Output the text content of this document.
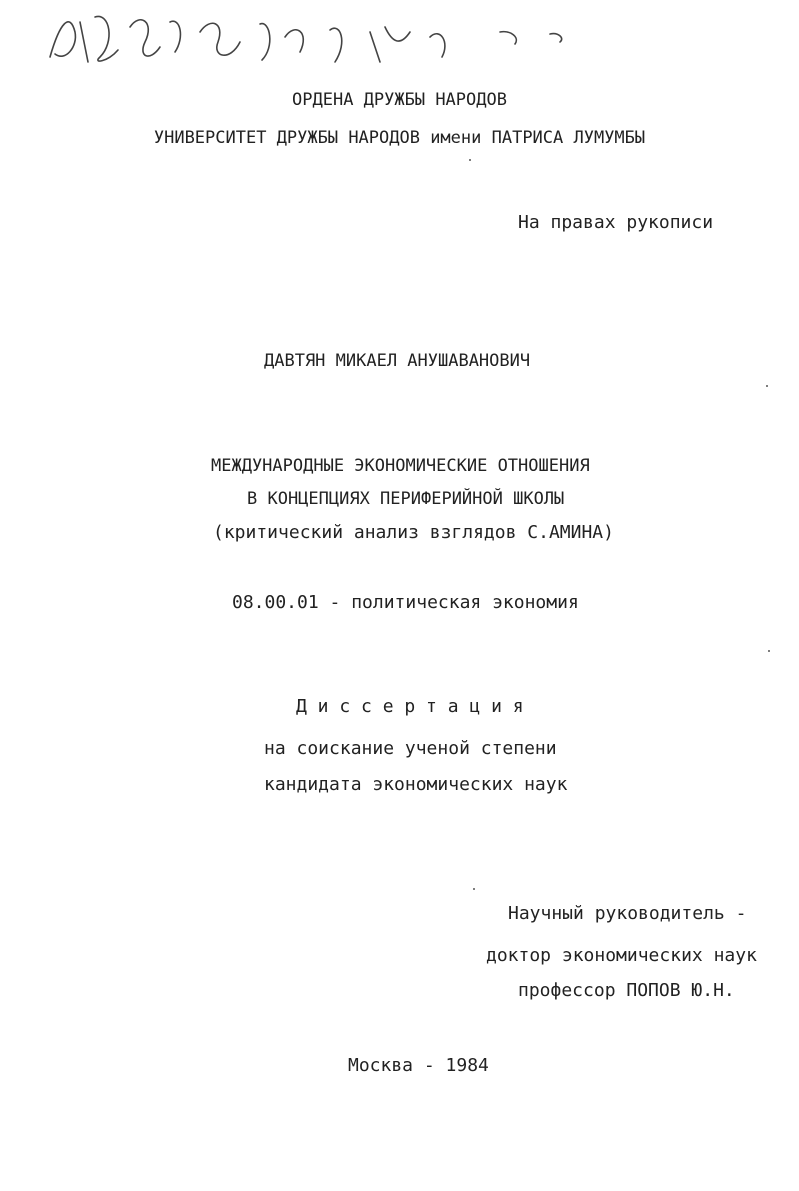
ОРДЕНА ДРУЖБЫ НАРОДОВ
УНИВЕРСИТЕТ ДРУЖБЫ НАРОДОВ имени ПАТРИСА ЛУМУМБЫ
На правах рукописи
ДАВТЯН МИКАЕЛ АНУШАВАНОВИЧ
МЕЖДУНАРОДНЫЕ ЭКОНОМИЧЕСКИЕ ОТНОШЕНИЯ
В КОНЦЕПЦИЯХ ПЕРИФЕРИЙНОЙ ШКОЛЫ
(критический анализ взглядов С.АМИНА)
08.00.01 - политическая экономия
Д и с с е р т а ц и я
на соискание ученой степени
кандидата экономических наук
Научный руководитель -
доктор экономических наук
профессор ПОПОВ Ю.Н.
Москва - 1984
